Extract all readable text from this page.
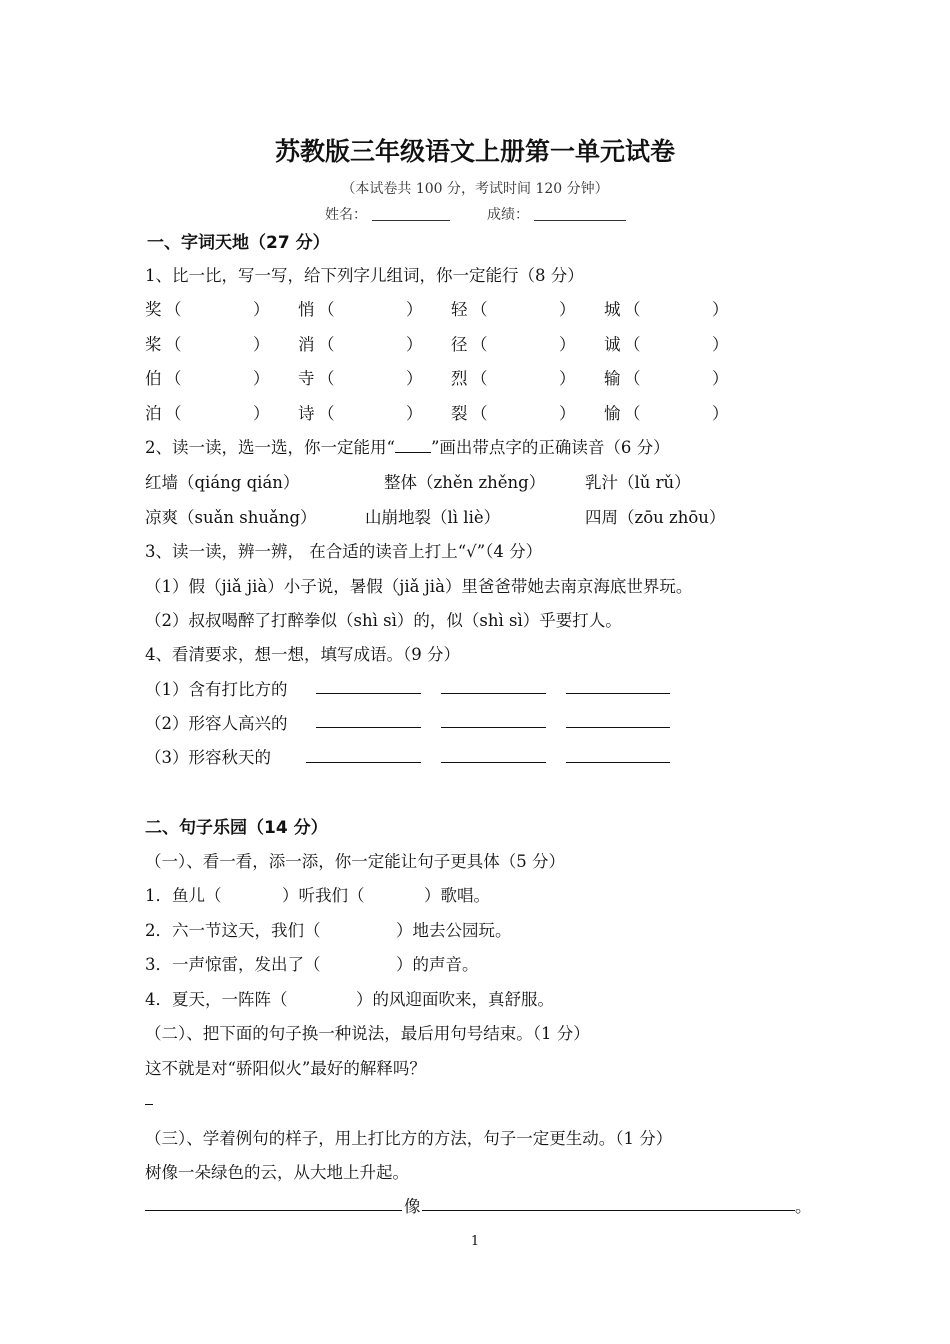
苏教版三年级语文上册第一单元试卷
（本试卷共 100 分，考试时间 120 分钟）
姓名：	成绩：
一、字词天地（27 分）
1、比一比，写一写，给下列字儿组词，你一定能行（8 分）
奖 （	） 悄 （	） 轻 （	） 城 （	）
桨 （	） 消 （	） 径 （	） 诚 （	）
伯 （	） 寺 （	） 烈 （	） 输 （	）
泊 （	） 诗 （	） 裂 （	） 愉 （	）
2、读一读，选一选，你一定能用“ ”画出带点字的正确读音（6 分）
红墙（qiáng qián）	整体（zhěn zhěng） 乳汁（lǔ rǔ）
凉爽（suǎn shuǎng）	山崩地裂（lì liè）	四周（zōu zhōu）
3、读一读，辨一辨， 在合适的读音上打上“√”（4 分）
（1）假（jiǎ jià）小子说，暑假（jiǎ jià）里爸爸带她去南京海底世界玩。
（2）叔叔喝醉了打醉拳似（shì sì）的，似（shì sì）乎要打人。
4、看清要求，想一想，填写成语。（9 分）
（1）含有打比方的
（2）形容人高兴的
（3）形容秋天的
二、句子乐园（14 分）
（一）、看一看，添一添，你一定能让句子更具体（5 分）
1．鱼儿（	）听我们（	）歌唱。
2．六一节这天，我们（	）地去公园玩。
3．一声惊雷，发出了（	）的声音。
4．夏天，一阵阵（	）的风迎面吹来，真舒服。
（二）、把下面的句子换一种说法，最后用句号结束。（1 分）
这不就是对“骄阳似火”最好的解释吗？
（三）、学着例句的样子，用上打比方的方法，句子一定更生动。（1 分）
树像一朵绿色的云，从大地上升起。
像	。
1
